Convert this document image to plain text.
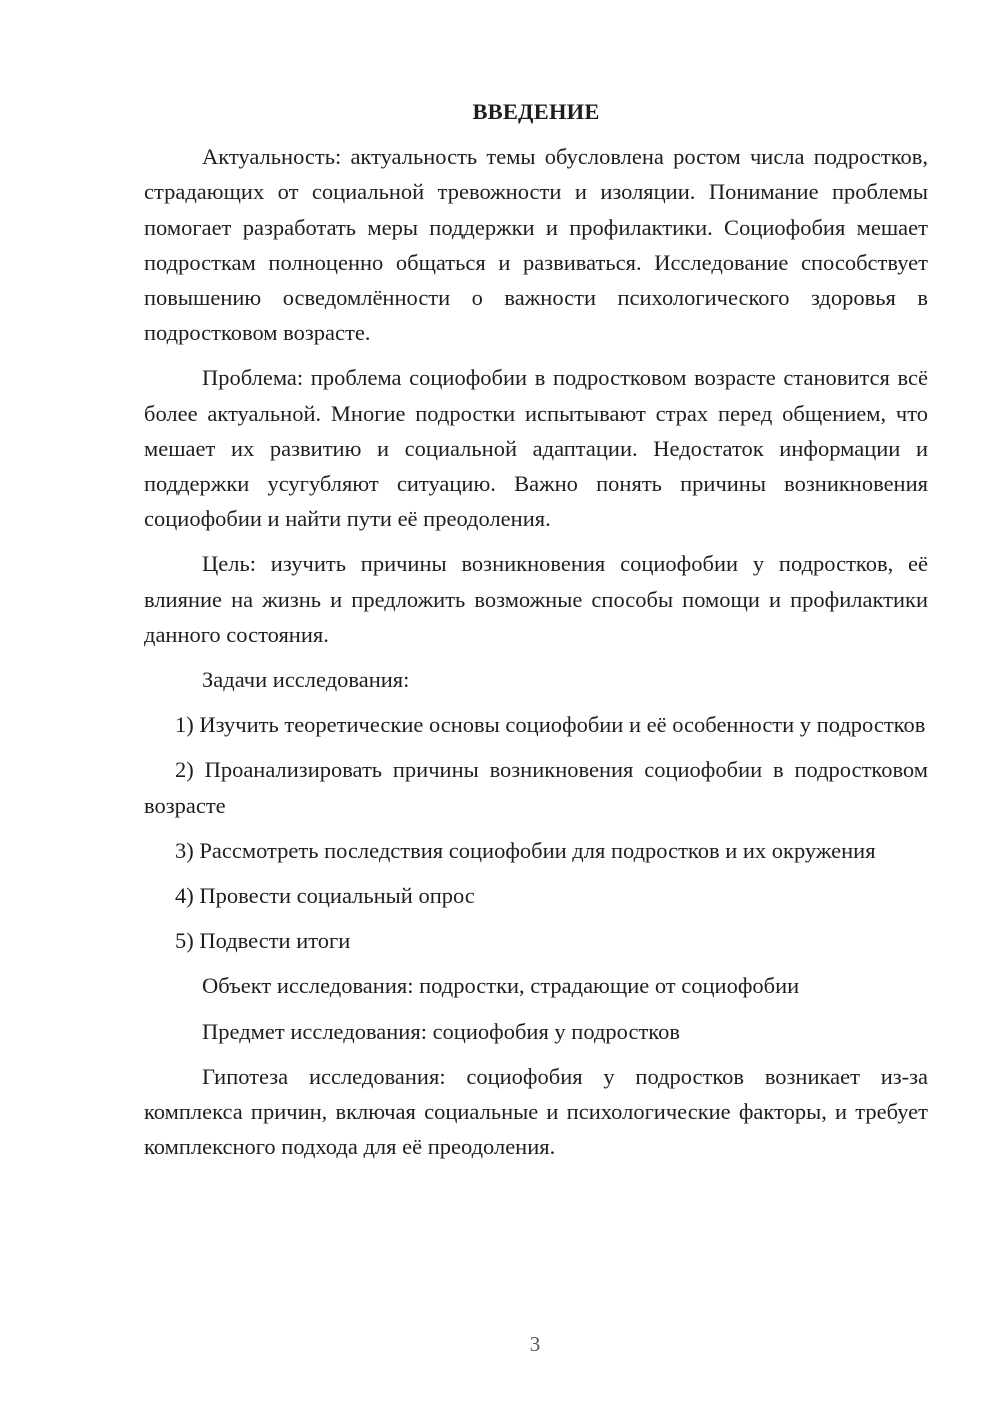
ВВЕДЕНИЕ

Актуальность: актуальность темы обусловлена ростом числа подростков, страдающих от социальной тревожности и изоляции. Понимание проблемы помогает разработать меры поддержки и профилактики. Социофобия мешает подросткам полноценно общаться и развиваться. Исследование способствует повышению осведомлённости о важности психологического здоровья в подростковом возрасте.

Проблема: проблема социофобии в подростковом возрасте становится всё более актуальной. Многие подростки испытывают страх перед общением, что мешает их развитию и социальной адаптации. Недостаток информации и поддержки усугубляют ситуацию. Важно понять причины возникновения социофобии и найти пути её преодоления.

Цель: изучить причины возникновения социофобии у подростков, её влияние на жизнь и предложить возможные способы помощи и профилактики данного состояния.

Задачи исследования:

1) Изучить теоретические основы социофобии и её особенности у подростков

2) Проанализировать причины возникновения социофобии в подростковом возрасте

3) Рассмотреть последствия социофобии для подростков и их окружения

4) Провести социальный опрос

5) Подвести итоги

Объект исследования: подростки, страдающие от социофобии

Предмет исследования: социофобия у подростков

Гипотеза исследования: социофобия у подростков возникает из-за комплекса причин, включая социальные и психологические факторы, и требует комплексного подхода для её преодоления.

3
